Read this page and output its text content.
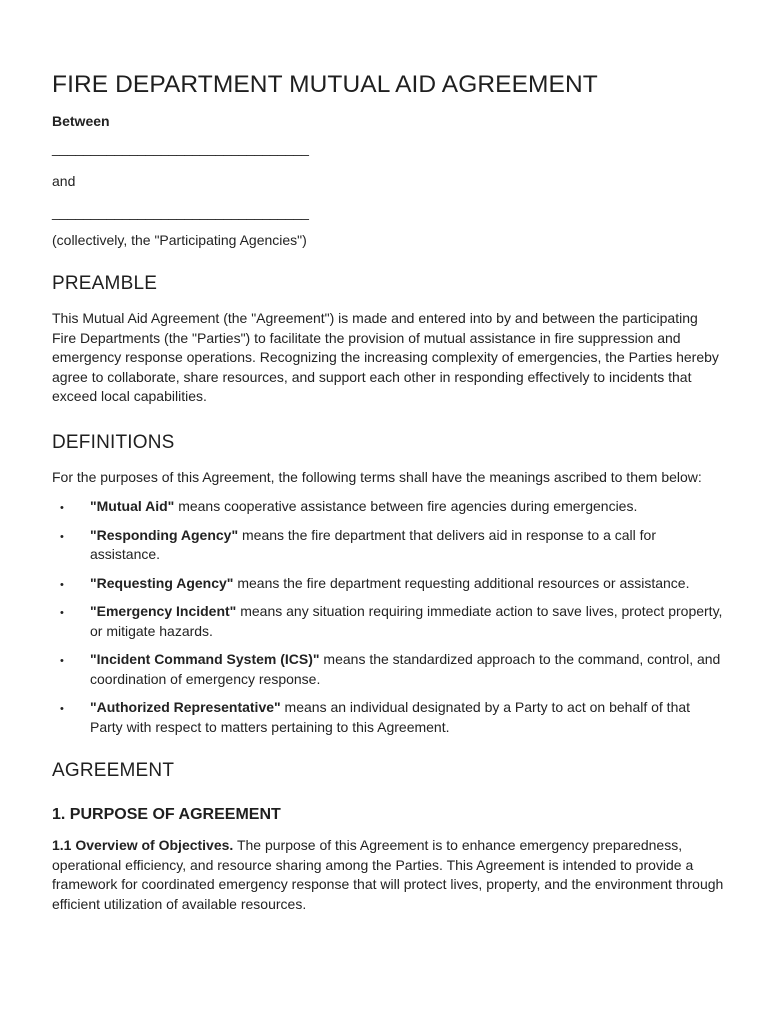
FIRE DEPARTMENT MUTUAL AID AGREEMENT
Between
_________________________________
and
_________________________________
(collectively, the "Participating Agencies")
PREAMBLE
This Mutual Aid Agreement (the "Agreement") is made and entered into by and between the participating Fire Departments (the "Parties") to facilitate the provision of mutual assistance in fire suppression and emergency response operations. Recognizing the increasing complexity of emergencies, the Parties hereby agree to collaborate, share resources, and support each other in responding effectively to incidents that exceed local capabilities.
DEFINITIONS
For the purposes of this Agreement, the following terms shall have the meanings ascribed to them below:
• "Mutual Aid" means cooperative assistance between fire agencies during emergencies.
• "Responding Agency" means the fire department that delivers aid in response to a call for assistance.
• "Requesting Agency" means the fire department requesting additional resources or assistance.
• "Emergency Incident" means any situation requiring immediate action to save lives, protect property, or mitigate hazards.
• "Incident Command System (ICS)" means the standardized approach to the command, control, and coordination of emergency response.
• "Authorized Representative" means an individual designated by a Party to act on behalf of that Party with respect to matters pertaining to this Agreement.
AGREEMENT
1. PURPOSE OF AGREEMENT
1.1 Overview of Objectives. The purpose of this Agreement is to enhance emergency preparedness, operational efficiency, and resource sharing among the Parties. This Agreement is intended to provide a framework for coordinated emergency response that will protect lives, property, and the environment through efficient utilization of available resources.
